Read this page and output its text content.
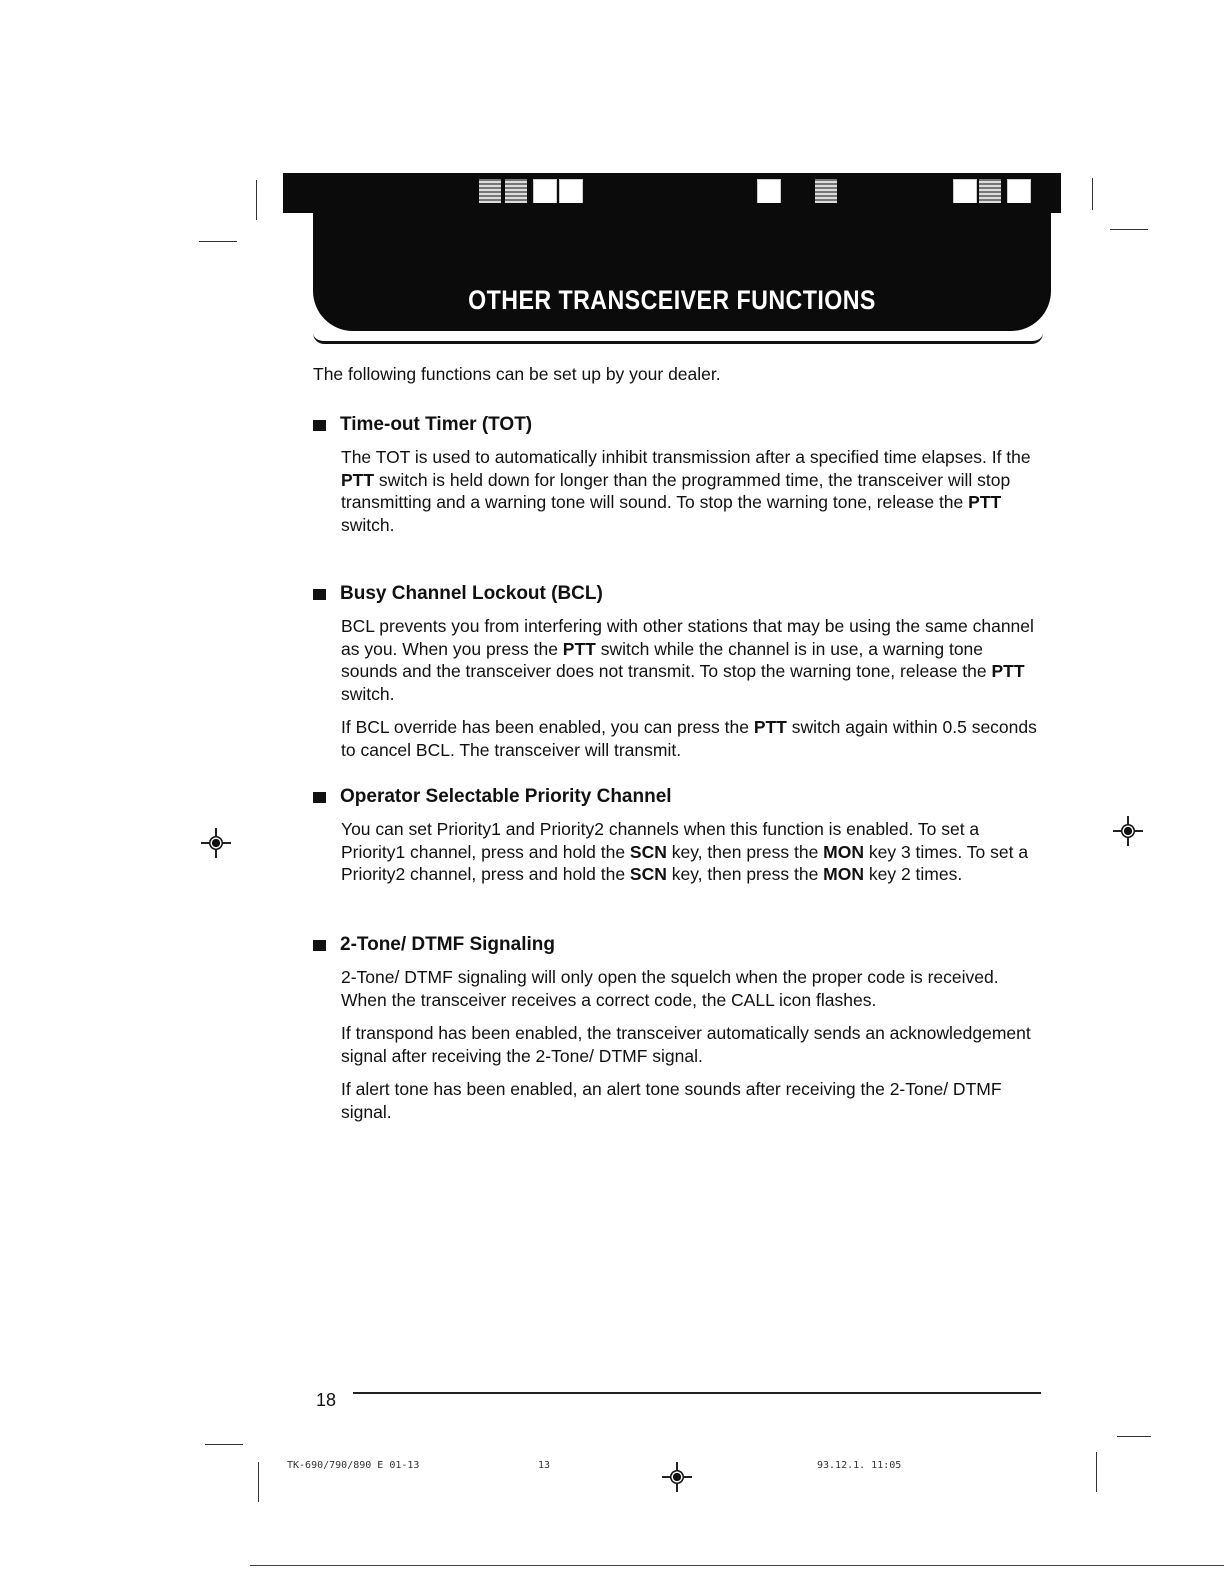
OTHER TRANSCEIVER FUNCTIONS
The following functions can be set up by your dealer.
Time-out Timer (TOT)
The TOT is used to automatically inhibit transmission after a specified time elapses. If the PTT switch is held down for longer than the programmed time, the transceiver will stop transmitting and a warning tone will sound. To stop the warning tone, release the PTT switch.
Busy Channel Lockout (BCL)
BCL prevents you from interfering with other stations that may be using the same channel as you. When you press the PTT switch while the channel is in use, a warning tone sounds and the transceiver does not transmit. To stop the warning tone, release the PTT switch.
If BCL override has been enabled, you can press the PTT switch again within 0.5 seconds to cancel BCL. The transceiver will transmit.
Operator Selectable Priority Channel
You can set Priority1 and Priority2 channels when this function is enabled. To set a Priority1 channel, press and hold the SCN key, then press the MON key 3 times. To set a Priority2 channel, press and hold the SCN key, then press the MON key 2 times.
2-Tone/ DTMF Signaling
2-Tone/ DTMF signaling will only open the squelch when the proper code is received. When the transceiver receives a correct code, the CALL icon flashes.
If transpond has been enabled, the transceiver automatically sends an acknowledgement signal after receiving the 2-Tone/ DTMF signal.
If alert tone has been enabled, an alert tone sounds after receiving the 2-Tone/ DTMF signal.
18
TK-690/790/890 E 01-13	13	93.12.1. 11:05
